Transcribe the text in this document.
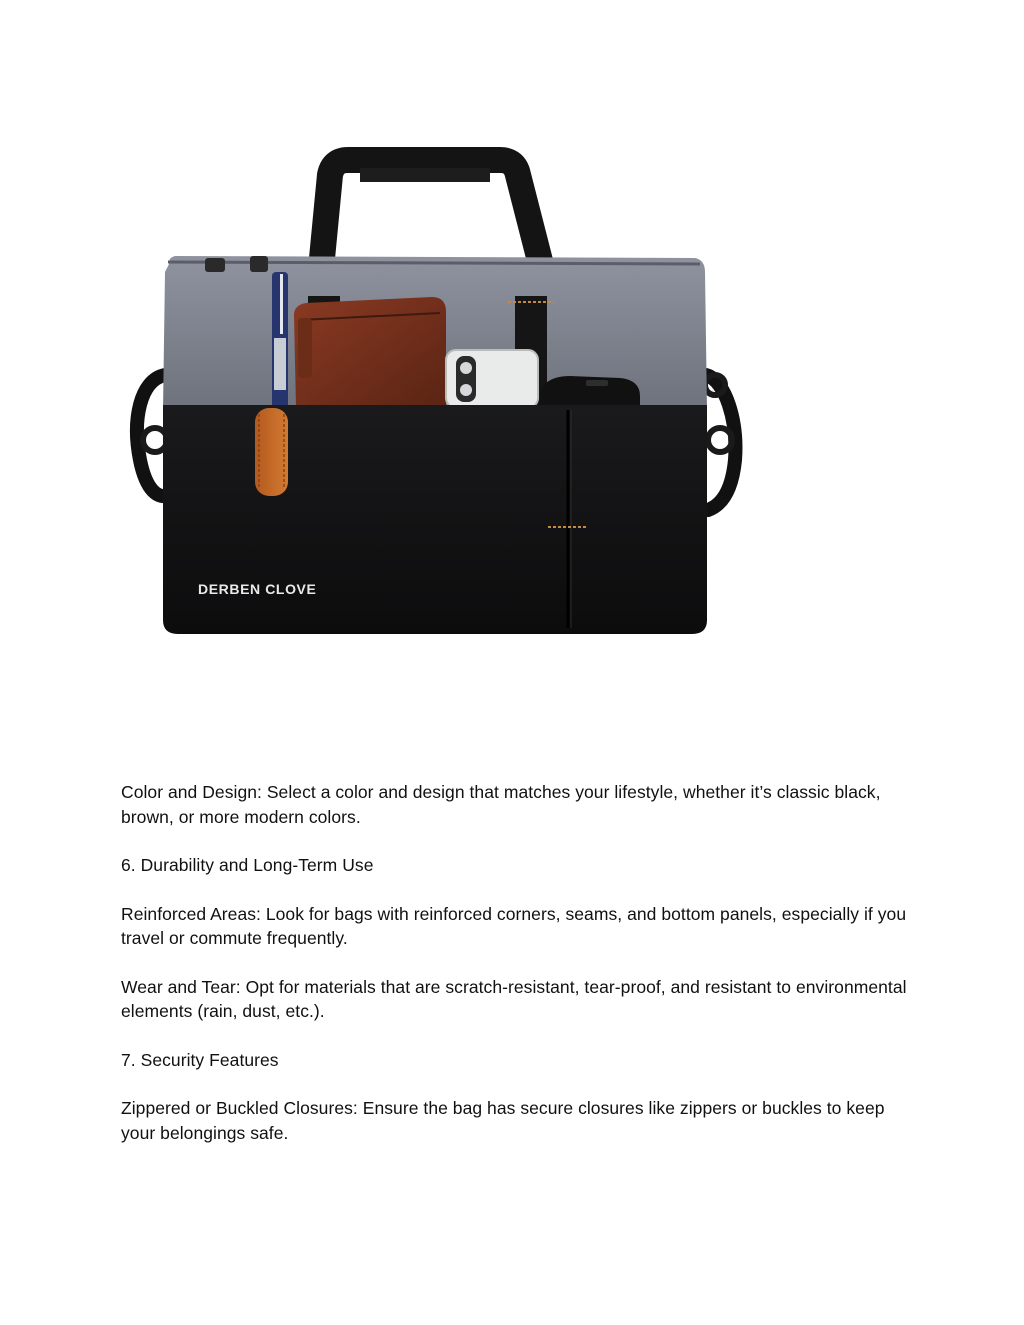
DERBEN CLOVE

Color and Design: Select a color and design that matches your lifestyle, whether it’s classic black, brown, or more modern colors.

6. Durability and Long-Term Use

Reinforced Areas: Look for bags with reinforced corners, seams, and bottom panels, especially if you travel or commute frequently.

Wear and Tear: Opt for materials that are scratch-resistant, tear-proof, and resistant to environmental elements (rain, dust, etc.).

7. Security Features

Zippered or Buckled Closures: Ensure the bag has secure closures like zippers or buckles to keep your belongings safe.
